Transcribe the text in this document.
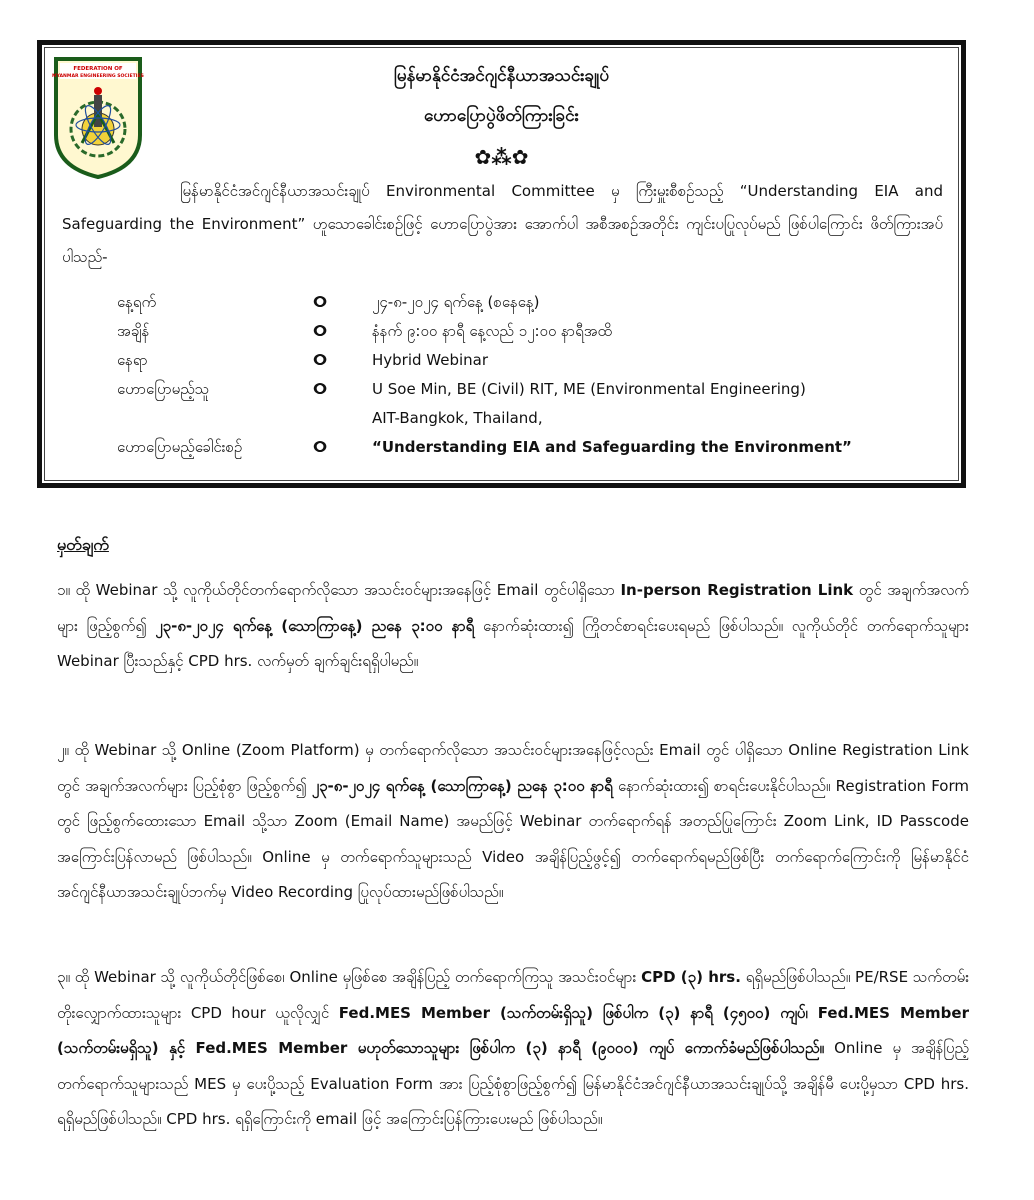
FEDERATION OF
MYANMAR ENGINEERING SOCIETIES	မြန်မာနိုင်ငံအင်ဂျင်နီယာအသင်းချုပ်
ဟောပြောပွဲဖိတ်ကြားခြင်း
✿⁂✿
မြန်မာနိုင်ငံအင်ဂျင်နီယာအသင်းချုပ် Environmental Committee မှ ကြီးမှူးစီစဉ်သည့် “Understanding EIA and Safeguarding the Environment” ဟူသောခေါင်းစဉ်ဖြင့် ဟောပြောပွဲအား အောက်ပါ အစီအစဉ်အတိုင်း ကျင်းပပြုလုပ်မည် ဖြစ်ပါကြောင်း ဖိတ်ကြားအပ်ပါသည်-
နေ့ရက်	ⵔ	၂၄-၈-၂၀၂၄ ရက်နေ့ (စနေနေ့)
အချိန်	ⵔ	နံနက် ၉:၀၀ နာရီ နေ့လည် ၁၂:၀၀ နာရီအထိ
နေရာ	ⵔ	Hybrid Webinar
ဟောပြောမည့်သူ	ⵔ	U Soe Min, BE (Civil) RIT, ME (Environmental Engineering)
AIT-Bangkok, Thailand,
ဟောပြောမည့်ခေါင်းစဉ်	ⵔ	“Understanding EIA and Safeguarding the Environment”
မှတ်ချက်
၁။ ထို Webinar သို့ လူကိုယ်တိုင်တက်ရောက်လိုသော အသင်းဝင်များအနေဖြင့် Email တွင်ပါရှိသော In-person Registration Link တွင် အချက်အလက်များ ဖြည့်စွက်၍ ၂၃-၈-၂၀၂၄ ရက်နေ့ (သောကြာနေ့) ညနေ ၃:၀၀ နာရီ နောက်ဆုံးထား၍ ကြိုတင်စာရင်းပေးရမည် ဖြစ်ပါသည်။ လူကိုယ်တိုင် တက်ရောက်သူများ Webinar ပြီးသည်နှင့် CPD hrs. လက်မှတ် ချက်ချင်းရရှိပါမည်။
၂။ ထို Webinar သို့ Online (Zoom Platform) မှ တက်ရောက်လိုသော အသင်းဝင်များအနေဖြင့်လည်း Email တွင် ပါရှိသော Online Registration Link တွင် အချက်အလက်များ ပြည့်စုံစွာ ဖြည့်စွက်၍ ၂၃-၈-၂၀၂၄ ရက်နေ့ (သောကြာနေ့) ညနေ ၃:၀၀ နာရီ နောက်ဆုံးထား၍ စာရင်းပေးနိုင်ပါသည်။ Registration Form တွင် ဖြည့်စွက်ထေားသော Email သို့သာ Zoom (Email Name) အမည်ဖြင့် Webinar တက်ရောက်ရန် အတည်ပြုကြောင်း Zoom Link, ID Passcode အကြောင်းပြန်လာမည် ဖြစ်ပါသည်။ Online မှ တက်ရောက်သူများသည် Video အချိန်ပြည့်ဖွင့်၍ တက်ရောက်ရမည်ဖြစ်ပြီး တက်ရောက်ကြောင်းကို မြန်မာနိုင်ငံအင်ဂျင်နီယာအသင်းချုပ်ဘက်မှ Video Recording ပြုလုပ်ထားမည်ဖြစ်ပါသည်။
၃။ ထို Webinar သို့ လူကိုယ်တိုင်ဖြစ်စေ၊ Online မှဖြစ်စေ အချိန်ပြည့် တက်ရောက်ကြသူ အသင်းဝင်များ CPD (၃) hrs. ရရှိမည်ဖြစ်ပါသည်။ PE/RSE သက်တမ်းတိုးလျှောက်ထားသူများ CPD hour ယူလိုလျှင် Fed.MES Member (သက်တမ်းရှိသူ) ဖြစ်ပါက (၃) နာရီ (၄၅၀၀) ကျပ်၊ Fed.MES Member (သက်တမ်းမရှိသူ) နှင့် Fed.MES Member မဟုတ်သောသူများ ဖြစ်ပါက (၃) နာရီ (၉၀၀၀) ကျပ် ကောက်ခံမည်ဖြစ်ပါသည်။ Online မှ အချိန်ပြည့်တက်ရောက်သူများသည် MES မှ ပေးပို့သည့် Evaluation Form အား ပြည့်စုံစွာဖြည့်စွက်၍ မြန်မာနိုင်ငံအင်ဂျင်နီယာအသင်းချုပ်သို့ အချိန်မီ ပေးပို့မှသာ CPD hrs. ရရှိမည်ဖြစ်ပါသည်။ CPD hrs. ရရှိကြောင်းကို email ဖြင့် အကြောင်းပြန်ကြားပေးမည် ဖြစ်ပါသည်။
